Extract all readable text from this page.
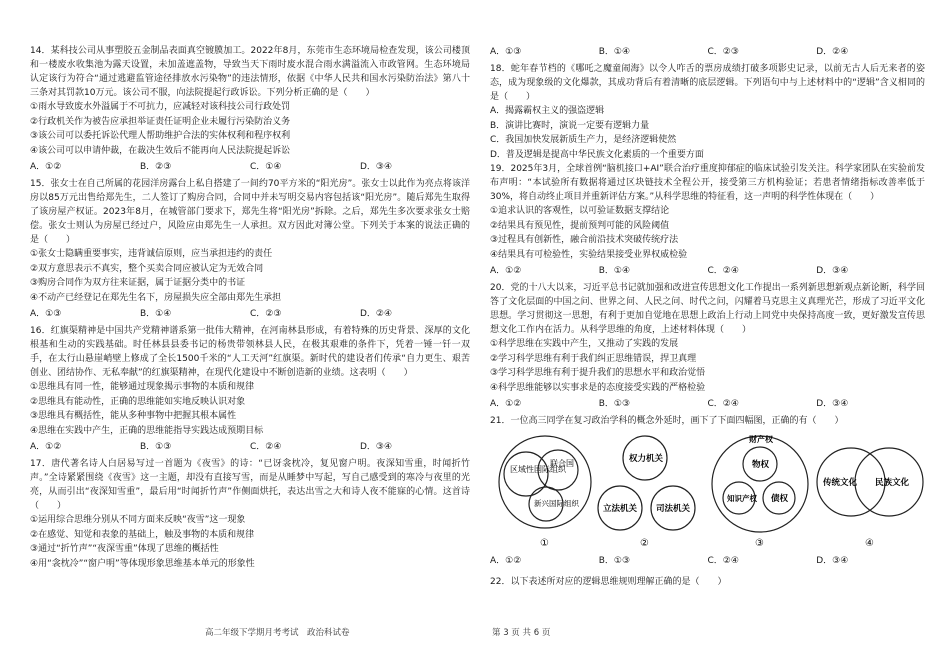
14．某科技公司从事塑胶五金制品表面真空镀膜加工。2022年8月，东莞市生态环境局检查发现，该公司楼顶和一楼废水收集池为露天设置，未加盖遮盖物，导致当天下雨时废水混合雨水满溢流入市政管网。生态环境局认定该行为符合“通过逃避监管途径排放水污染物”的违法情形，依据《中华人民共和国水污染防治法》第八十三条对其罚款10万元。该公司不服，向法院提起行政诉讼。下列分析正确的是（　　）

①雨水导致废水外溢属于不可抗力，应减轻对该科技公司行政处罚

②行政机关作为被告应承担举证责任证明企业未履行污染防治义务

③该公司可以委托诉讼代理人帮助维护合法的实体权利和程序权利

④该公司可以申请仲裁，在裁决生效后不能再向人民法院提起诉讼

A．①②	B．②③	C．①④	D．③④

15．张女士在自己所属的花园洋房露台上私自搭建了一间约70平方米的“阳光房”。张女士以此作为亮点将该洋房以85万元出售给郑先生，二人签订了购房合同，合同中并未写明交易内容包括该“阳光房”。随后郑先生取得了该房屋产权证。2023年8月，在城管部门要求下，郑先生将“阳光房”拆除。之后，郑先生多次要求张女士赔偿。张女士则认为房屋已经过户，风险应由郑先生一人承担。双方因此对簿公堂。下列关于本案的说法正确的是（　　）

①张女士隐瞒重要事实，违背诚信原则，应当承担违约的责任

②双方意思表示不真实，整个买卖合同应被认定为无效合同

③购房合同作为双方往来证据，属于证据分类中的书证

④不动产已经登记在郑先生名下，房屋损失应全部由郑先生承担

A．①③	B．①④	C．②③	D．②④

16．红旗渠精神是中国共产党精神谱系第一批伟大精神，在河南林县形成，有着特殊的历史背景、深厚的文化根基和生动的实践基础。时任林县县委书记的杨贵带领林县人民，在极其艰难的条件下，凭着一锤一钎一双手，在太行山悬崖峭壁上修成了全长1500千米的“人工天河”红旗渠。新时代的建设者们传承“自力更生、艰苦创业、团结协作、无私奉献”的红旗渠精神，在现代化建设中不断创造新的业绩。这表明（　　）

①思维具有同一性，能够通过现象揭示事物的本质和规律

②思维具有能动性，正确的思维能如实地反映认识对象

③思维具有概括性，能从多种事物中把握其根本属性

④思维在实践中产生，正确的思维能指导实践达成预期目标

A．①②	B．①③	C．②④	D．③④

17．唐代著名诗人白居易写过一首题为《夜雪》的诗：“已讶衾枕冷，复见窗户明。夜深知雪重，时闻折竹声。”全诗紧紧围绕《夜雪》这一主题，却没有直接写雪，而是从睡梦中写起，写自己感受到的寒冷与夜里的光亮，从而引出“夜深知雪重”，最后用“时闻折竹声”作侧面烘托，表达出雪之大和诗人夜不能寐的心情。这首诗（　　）

①运用综合思维分别从不同方面来反映“夜雪”这一现象

②在感觉、知觉和表象的基础上，触及事物的本质和规律

③通过“折竹声”“夜深雪重”体现了思维的概括性

④用“衾枕冷”“窗户明”等体现形象思维基本单元的形象性

高二年级下学期月考考试　政治科试卷
A．①③	B．①④	C．②③	D．②④

18．蛇年春节档的《哪吒之魔童闹海》以令人咋舌的票房成绩打破多项影史记录，以前无古人后无来者的姿态，成为现象级的文化爆款，其成功背后有着清晰的底层逻辑。下列语句中与上述材料中的“逻辑”含义相同的是（　　）

A．揭露霸权主义的强盗逻辑

B．演讲比赛时，演说一定要有逻辑力量

C．我国加快发展新质生产力，是经济逻辑使然

D．普及逻辑是提高中华民族文化素质的一个重要方面

19．2025年3月，全球首例“脑机接口+AI”联合治疗重度抑郁症的临床试验引发关注。科学家团队在实验前发布声明：“本试验所有数据将通过区块链技术全程公开，接受第三方机构验证；若患者情绪指标改善率低于30%，将自动终止项目并重新评估方案。”从科学思维的特征看，这一声明的科学性体现在（　　）

①追求认识的客观性，以可验证数据支撑结论

②结果具有预见性，提前预判可能的风险阈值

③过程具有创新性，融合前沿技术突破传统疗法

④结果具有可检验性，实验结果接受业界权威检验

A．①②	B．①④	C．②④	D．③④

20．党的十八大以来，习近平总书记就加强和改进宣传思想文化工作提出一系列新思想新观点新论断，科学回答了文化层面的中国之问、世界之问、人民之问、时代之问，闪耀着马克思主义真理光芒，形成了习近平文化思想。学习贯彻这一思想，有利于更加自觉地在思想上政治上行动上同党中央保持高度一致，更好激发宣传思想文化工作内在活力。从科学思维的角度，上述材料体现（　　）

①科学思维在实践中产生，又推动了实践的发展

②学习科学思维有利于我们纠正思维错误，捍卫真理

③学习科学思维有利于提升我们的思想水平和政治觉悟

④科学思维能够以实事求是的态度接受实践的严格检验

A．①②	B．①③	C．②④	D．③④

21．一位高三同学在复习政治学科的概念外延时，画下了下面四幅图，正确的有（　　）

区域性国际组织
联合国
新兴国际组织
①
权力机关
立法机关 司法机关
②
财产权
物权
知识产权 债权
③
传统文化 民族文化
④
A．①②	B．①③	C．②④	D．③④

22．以下表述所对应的逻辑思维规则理解正确的是（　　）

第 3 页 共 6 页
